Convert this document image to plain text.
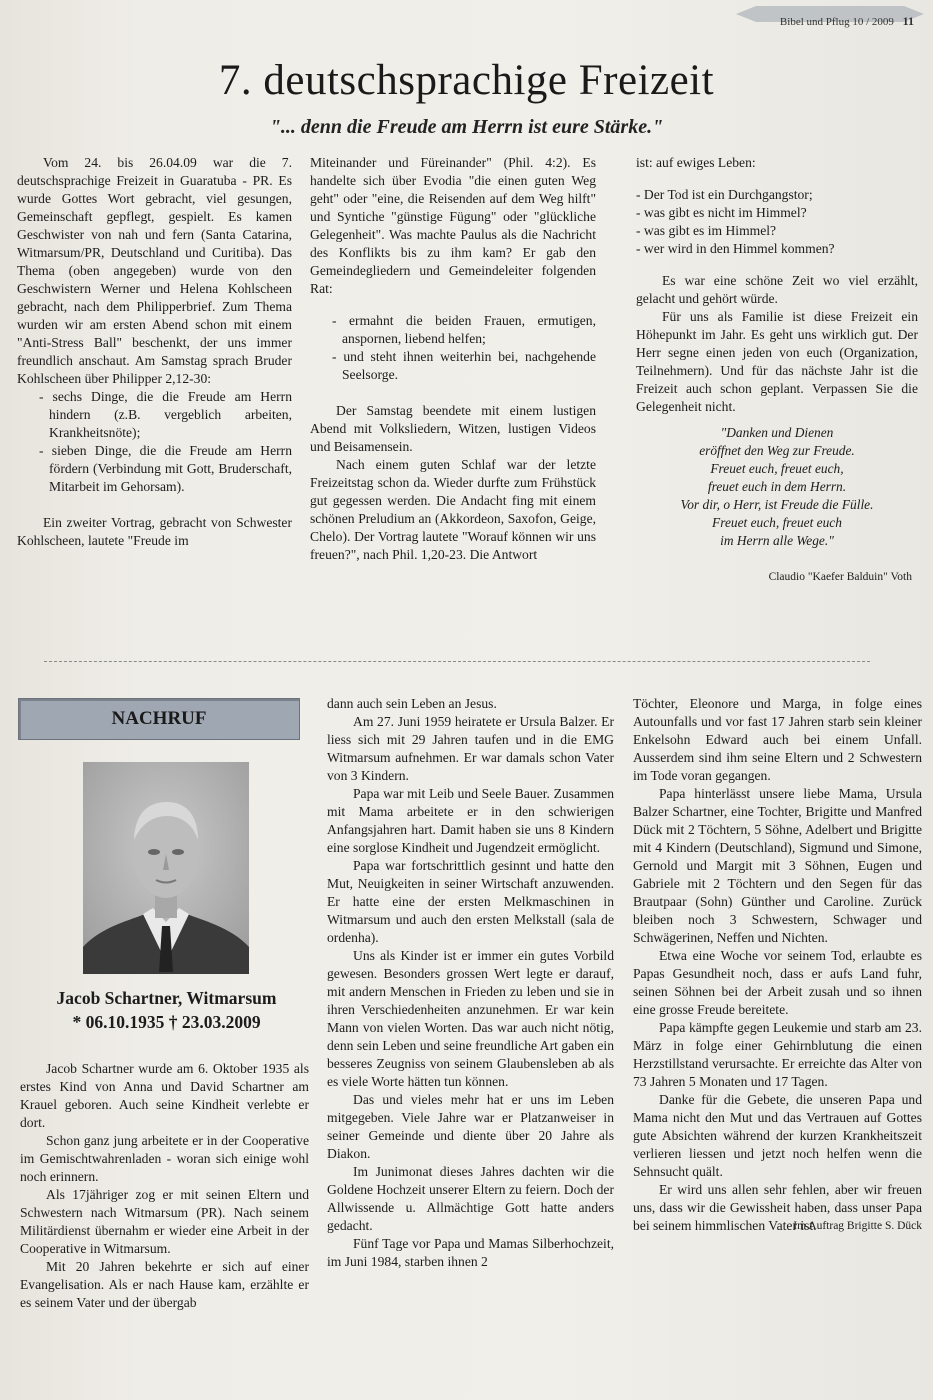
Bibel und Pflug 10 / 2009 11
7. deutschsprachige Freizeit
"... denn die Freude am Herrn ist eure Stärke."

Vom 24. bis 26.04.09 war die 7. deutschsprachige Freizeit in Guaratuba - PR. Es wurde Gottes Wort gebracht, viel gesungen, Gemeinschaft gepflegt, gespielt. Es kamen Geschwister von nah und fern (Santa Catarina, Witmarsum/PR, Deutschland und Curitiba). Das Thema (oben angegeben) wurde von den Geschwistern Werner und Helena Kohlscheen gebracht, nach dem Philipperbrief. Zum Thema wurden wir am ersten Abend schon mit einem "Anti-Stress Ball" beschenkt, der uns immer freundlich anschaut. Am Samstag sprach Bruder Kohlscheen über Philipper 2,12-30:

- sechs Dinge, die die Freude am Herrn hindern (z.B. vergeblich arbeiten, Krankheitsnöte);

- sieben Dinge, die die Freude am Herrn fördern (Verbindung mit Gott, Bruderschaft, Mitarbeit im Gehorsam).

Ein zweiter Vortrag, gebracht von Schwester Kohlscheen, lautete "Freude im

Miteinander und Füreinander" (Phil. 4:2). Es handelte sich über Evodia "die einen guten Weg geht" oder "eine, die Reisenden auf dem Weg hilft" und Syntiche "günstige Fügung" oder "glückliche Gelegenheit". Was machte Paulus als die Nachricht des Konflikts bis zu ihm kam? Er gab den Gemeindegliedern und Gemeindeleiter folgenden Rat:

- ermahnt die beiden Frauen, ermutigen, anspornen, liebend helfen;

- und steht ihnen weiterhin bei, nachgehende Seelsorge.

Der Samstag beendete mit einem lustigen Abend mit Volksliedern, Witzen, lustigen Videos und Beisamensein.

Nach einem guten Schlaf war der letzte Freizeitstag schon da. Wieder durfte zum Frühstück gut gegessen werden. Die Andacht fing mit einem schönen Preludium an (Akkordeon, Saxofon, Geige, Chelo). Der Vortrag lautete "Worauf können wir uns freuen?", nach Phil. 1,20-23. Die Antwort

ist: auf ewiges Leben:

- Der Tod ist ein Durchgangstor;

- was gibt es nicht im Himmel?

- was gibt es im Himmel?

- wer wird in den Himmel kommen?

Es war eine schöne Zeit wo viel erzählt, gelacht und gehört würde.

Für uns als Familie ist diese Freizeit ein Höhepunkt im Jahr. Es geht uns wirklich gut. Der Herr segne einen jeden von euch (Organization, Teilnehmern). Und für das nächste Jahr ist die Freizeit auch schon geplant. Verpassen Sie die Gelegenheit nicht.

"Danken und Dienen

eröffnet den Weg zur Freude.

Freuet euch, freuet euch,

freuet euch in dem Herrn.

Vor dir, o Herr, ist Freude die Fülle.

Freuet euch, freuet euch

im Herrn alle Wege."

Claudio "Kaefer Balduin" Voth

NACHRUF
Jacob Schartner, Witmarsum
* 06.10.1935 † 23.03.2009

Jacob Schartner wurde am 6. Oktober 1935 als erstes Kind von Anna und David Schartner am Krauel geboren. Auch seine Kindheit verlebte er dort.

Schon ganz jung arbeitete er in der Cooperative im Gemischtwahrenladen - woran sich einige wohl noch erinnern.

Als 17jähriger zog er mit seinen Eltern und Schwestern nach Witmarsum (PR). Nach seinem Militärdienst übernahm er wieder eine Arbeit in der Cooperative in Witmarsum.

Mit 20 Jahren bekehrte er sich auf einer Evangelisation. Als er nach Hause kam, erzählte er es seinem Vater und der übergab

dann auch sein Leben an Jesus.

Am 27. Juni 1959 heiratete er Ursula Balzer. Er liess sich mit 29 Jahren taufen und in die EMG Witmarsum aufnehmen. Er war damals schon Vater von 3 Kindern.

Papa war mit Leib und Seele Bauer. Zusammen mit Mama arbeitete er in den schwierigen Anfangsjahren hart. Damit haben sie uns 8 Kindern eine sorglose Kindheit und Jugendzeit ermöglicht.

Papa war fortschrittlich gesinnt und hatte den Mut, Neuigkeiten in seiner Wirtschaft anzuwenden. Er hatte eine der ersten Melkmaschinen in Witmarsum und auch den ersten Melkstall (sala de ordenha).

Uns als Kinder ist er immer ein gutes Vorbild gewesen. Besonders grossen Wert legte er darauf, mit andern Menschen in Frieden zu leben und sie in ihren Verschiedenheiten anzunehmen. Er war kein Mann von vielen Worten. Das war auch nicht nötig, denn sein Leben und seine freundliche Art gaben ein besseres Zeugniss von seinem Glaubensleben ab als es viele Worte hätten tun können.

Das und vieles mehr hat er uns im Leben mitgegeben. Viele Jahre war er Platzanweiser in seiner Gemeinde und diente über 20 Jahre als Diakon.

Im Junimonat dieses Jahres dachten wir die Goldene Hochzeit unserer Eltern zu feiern. Doch der Allwissende u. Allmächtige Gott hatte anders gedacht.

Fünf Tage vor Papa und Mamas Silberhochzeit, im Juni 1984, starben ihnen 2

Töchter, Eleonore und Marga, in folge eines Autounfalls und vor fast 17 Jahren starb sein kleiner Enkelsohn Edward auch bei einem Unfall. Ausserdem sind ihm seine Eltern und 2 Schwestern im Tode voran gegangen.

Papa hinterlässt unsere liebe Mama, Ursula Balzer Schartner, eine Tochter, Brigitte und Manfred Dück mit 2 Töchtern, 5 Söhne, Adelbert und Brigitte mit 4 Kindern (Deutschland), Sigmund und Simone, Gernold und Margit mit 3 Söhnen, Eugen und Gabriele mit 2 Töchtern und den Segen für das Brautpaar (Sohn) Günther und Caroline. Zurück bleiben noch 3 Schwestern, Schwager und Schwägerinen, Neffen und Nichten.

Etwa eine Woche vor seinem Tod, erlaubte es Papas Gesundheit noch, dass er aufs Land fuhr, seinen Söhnen bei der Arbeit zusah und so ihnen eine grosse Freude bereitete.

Papa kämpfte gegen Leukemie und starb am 23. März in folge einer Gehirnblutung die einen Herzstillstand verursachte. Er erreichte das Alter von 73 Jahren 5 Monaten und 17 Tagen.

Danke für die Gebete, die unseren Papa und Mama nicht den Mut und das Vertrauen auf Gottes gute Absichten während der kurzen Krankheitszeit verlieren liessen und jetzt noch helfen wenn die Sehnsucht quält.

Er wird uns allen sehr fehlen, aber wir freuen uns, dass wir die Gewissheit haben, dass unser Papa bei seinem himmlischen Vater ist.

Im Auftrag Brigitte S. Dück
